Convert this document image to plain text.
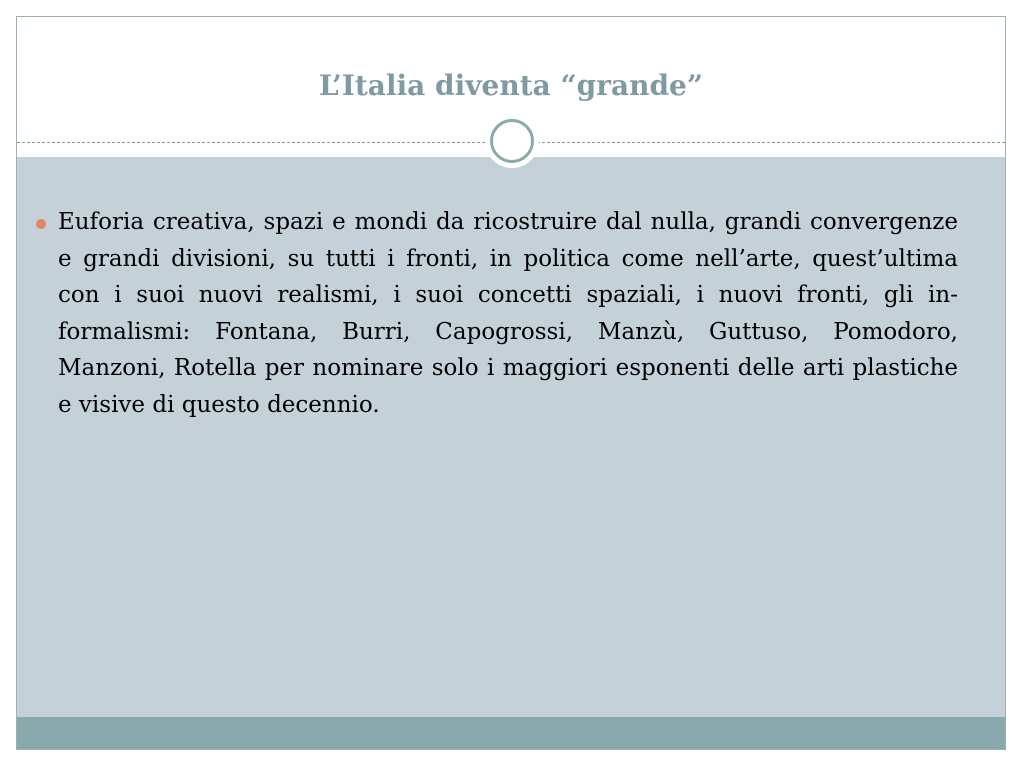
L’Italia diventa “grande”
Euforia creativa, spazi e mondi da ricostruire dal nulla, grandi convergenze e grandi divisioni, su tutti i fronti, in politica come nell’arte, quest’ultima con i suoi nuovi realismi, i suoi concetti spaziali, i nuovi fronti, gli in-formalismi: Fontana, Burri, Capogrossi, Manzù, Guttuso, Pomodoro, Manzoni, Rotella per nominare solo i maggiori esponenti delle arti plastiche e visive di questo decennio.
